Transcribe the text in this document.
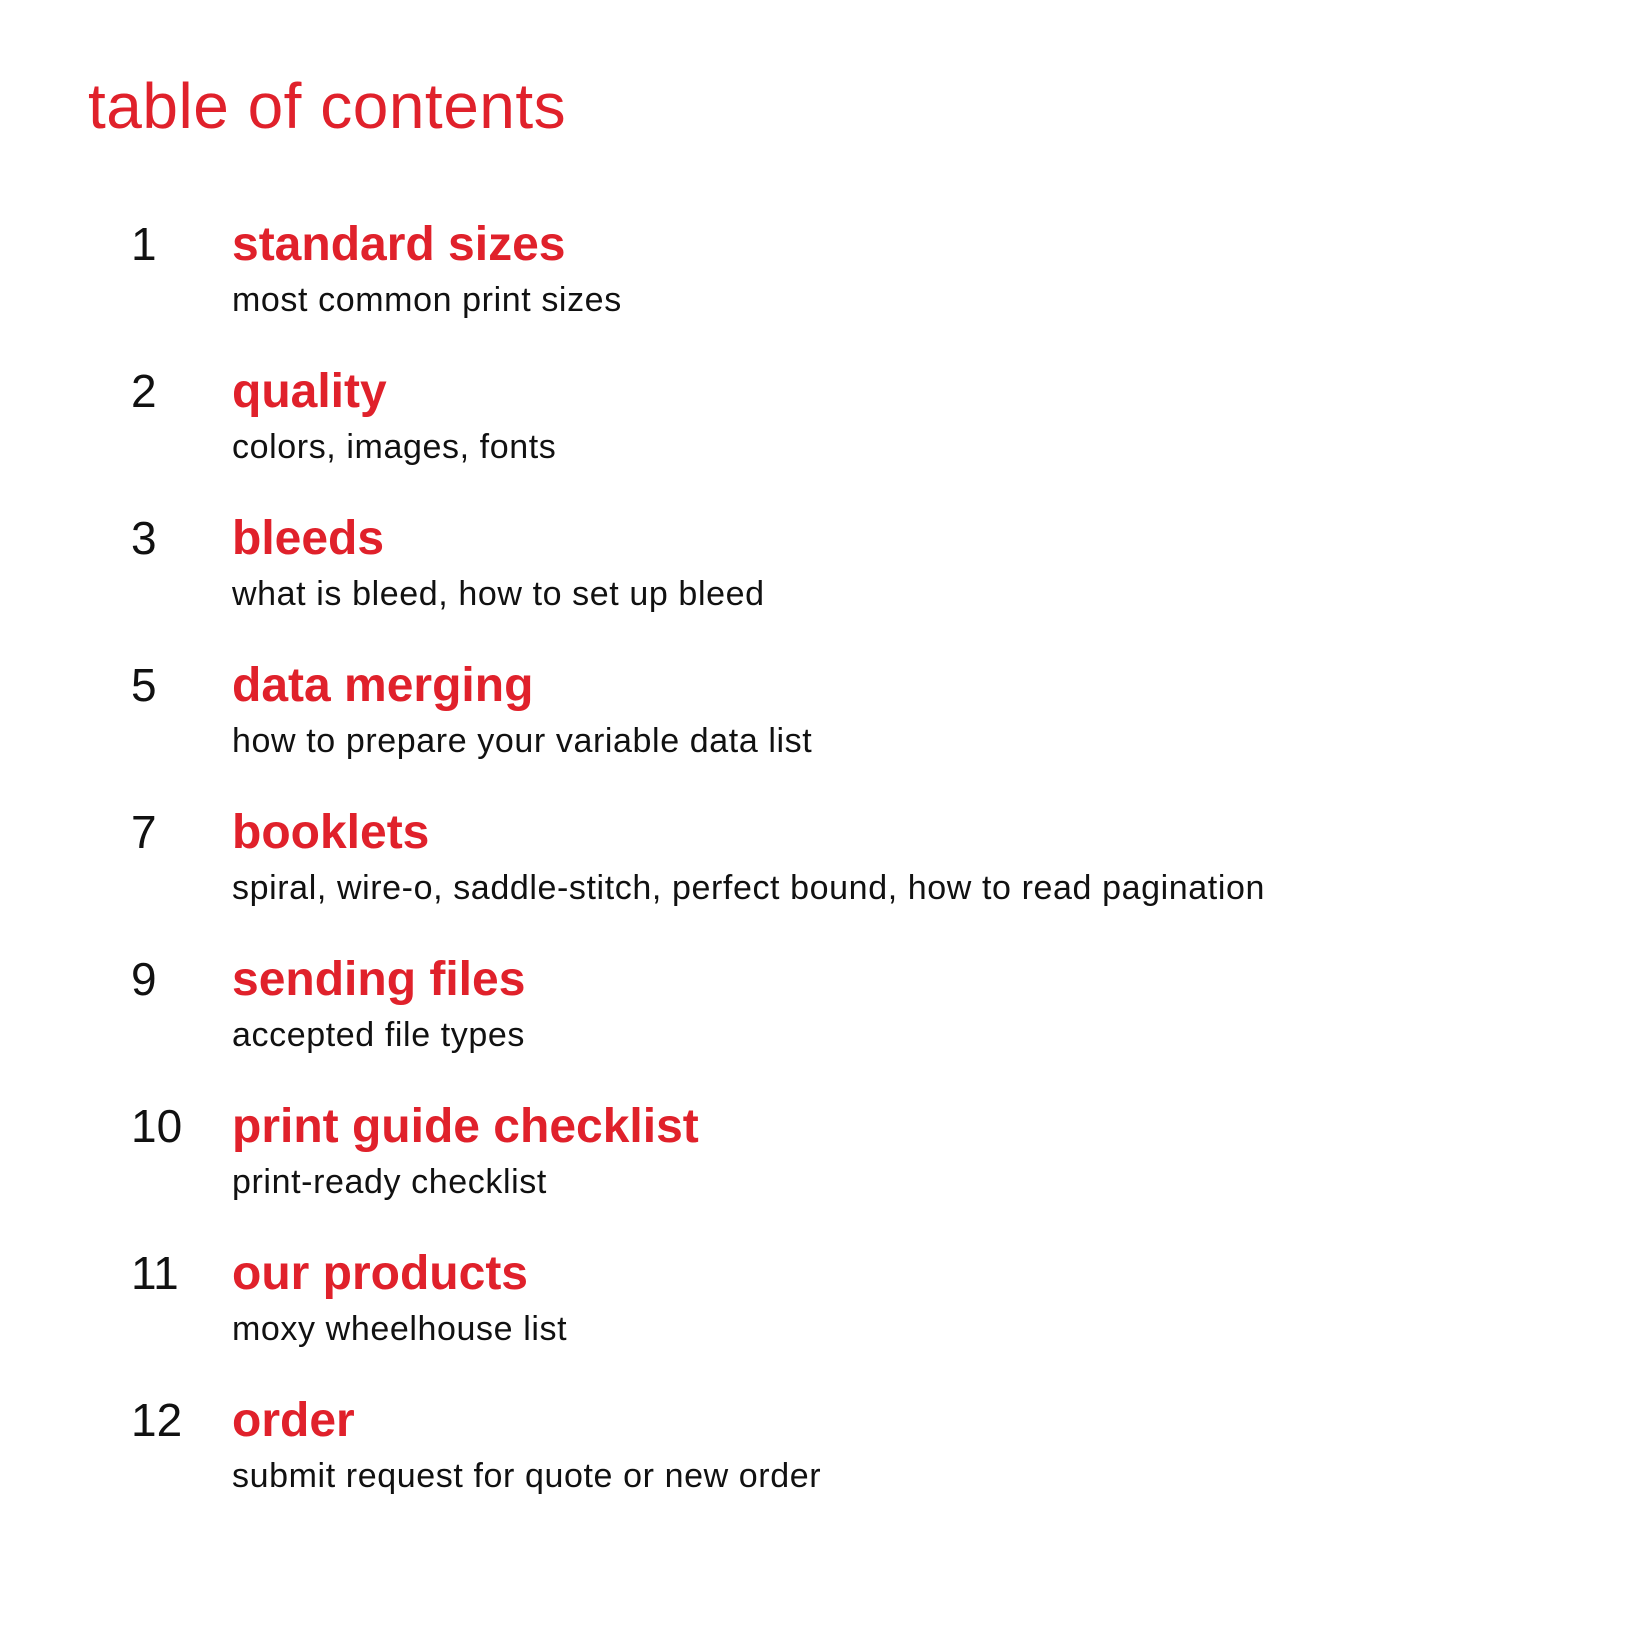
table of contents
1 standard sizes
most common print sizes
2 quality
colors, images, fonts
3 bleeds
what is bleed, how to set up bleed
5 data merging
how to prepare your variable data list
7 booklets
spiral, wire-o, saddle-stitch, perfect bound, how to read pagination
9 sending files
accepted file types
10 print guide checklist
print-ready checklist
11 our products
moxy wheelhouse list
12 order
submit request for quote or new order
